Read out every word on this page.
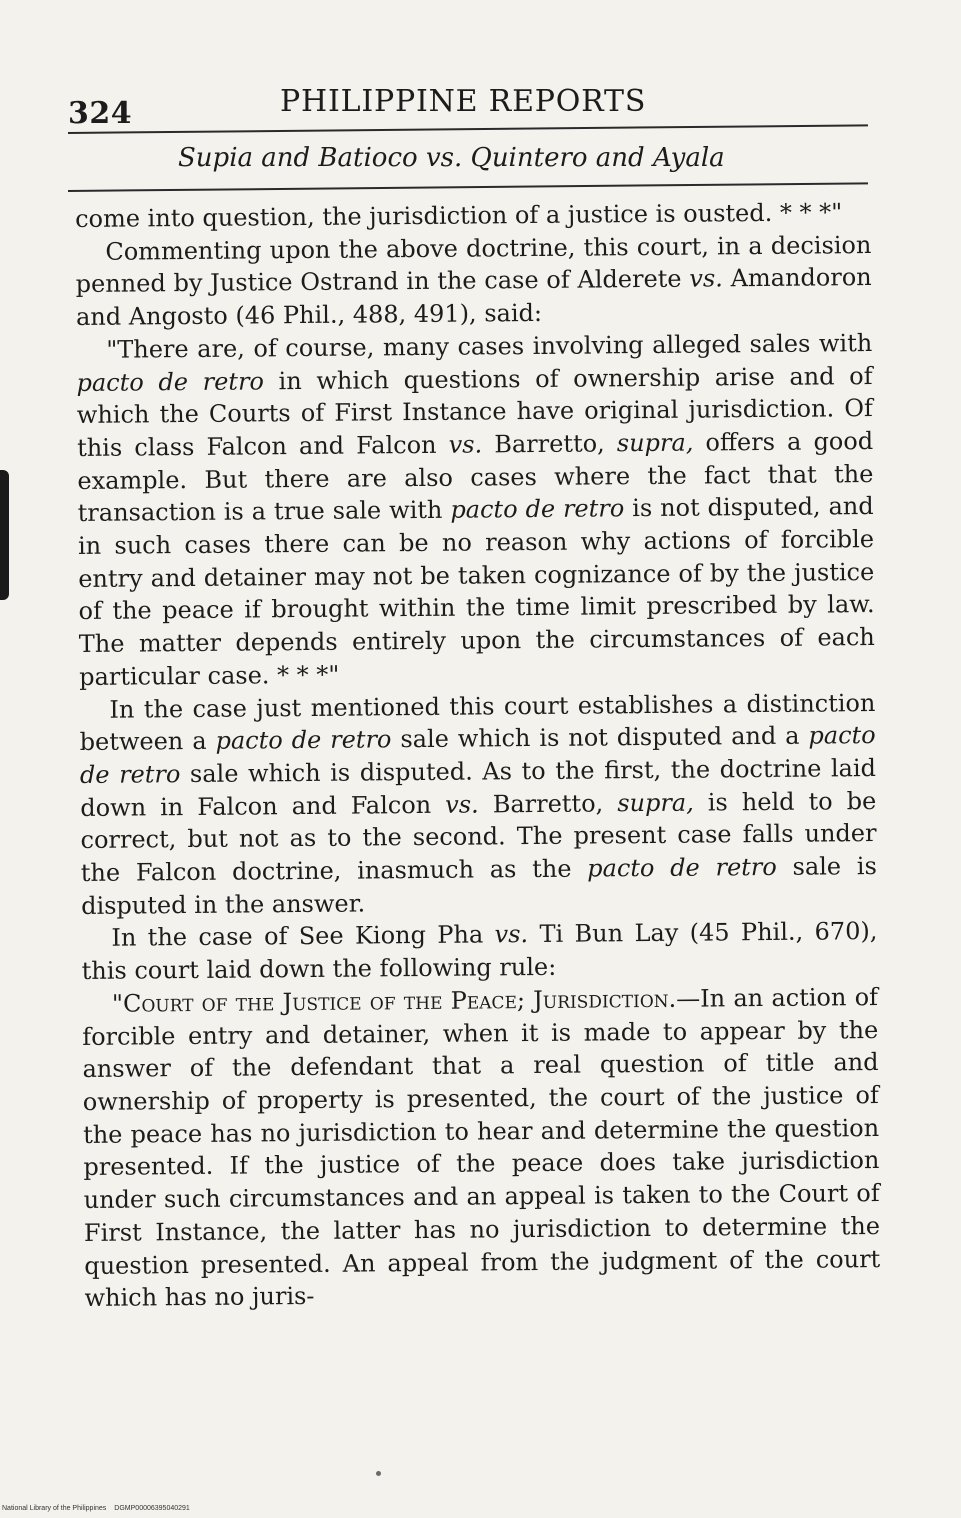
324	PHILIPPINE REPORTS
Supia and Batioco vs. Quintero and Ayala

come into question, the jurisdiction of a justice is ousted. * * *"

Commenting upon the above doctrine, this court, in a decision penned by Justice Ostrand in the case of Alderete vs. Amandoron and Angosto (46 Phil., 488, 491), said:

"There are, of course, many cases involving alleged sales with pacto de retro in which questions of ownership arise and of which the Courts of First Instance have original jurisdiction. Of this class Falcon and Falcon vs. Barretto, supra, offers a good example. But there are also cases where the fact that the transaction is a true sale with pacto de retro is not disputed, and in such cases there can be no reason why actions of forcible entry and detainer may not be taken cognizance of by the justice of the peace if brought within the time limit prescribed by law. The matter depends entirely upon the circumstances of each particular case. * * *"

In the case just mentioned this court establishes a distinction between a pacto de retro sale which is not disputed and a pacto de retro sale which is disputed. As to the first, the doctrine laid down in Falcon and Falcon vs. Barretto, supra, is held to be correct, but not as to the second. The present case falls under the Falcon doctrine, inasmuch as the pacto de retro sale is disputed in the answer.

In the case of See Kiong Pha vs. Ti Bun Lay (45 Phil., 670), this court laid down the following rule:

"Court of the Justice of the Peace; Jurisdiction.—In an action of forcible entry and detainer, when it is made to appear by the answer of the defendant that a real question of title and ownership of property is presented, the court of the justice of the peace has no jurisdiction to hear and determine the question presented. If the justice of the peace does take jurisdiction under such circumstances and an appeal is taken to the Court of First Instance, the latter has no jurisdiction to determine the question presented. An appeal from the judgment of the court which has no juris-

National Library of the Philippines DGMP00006395040291
